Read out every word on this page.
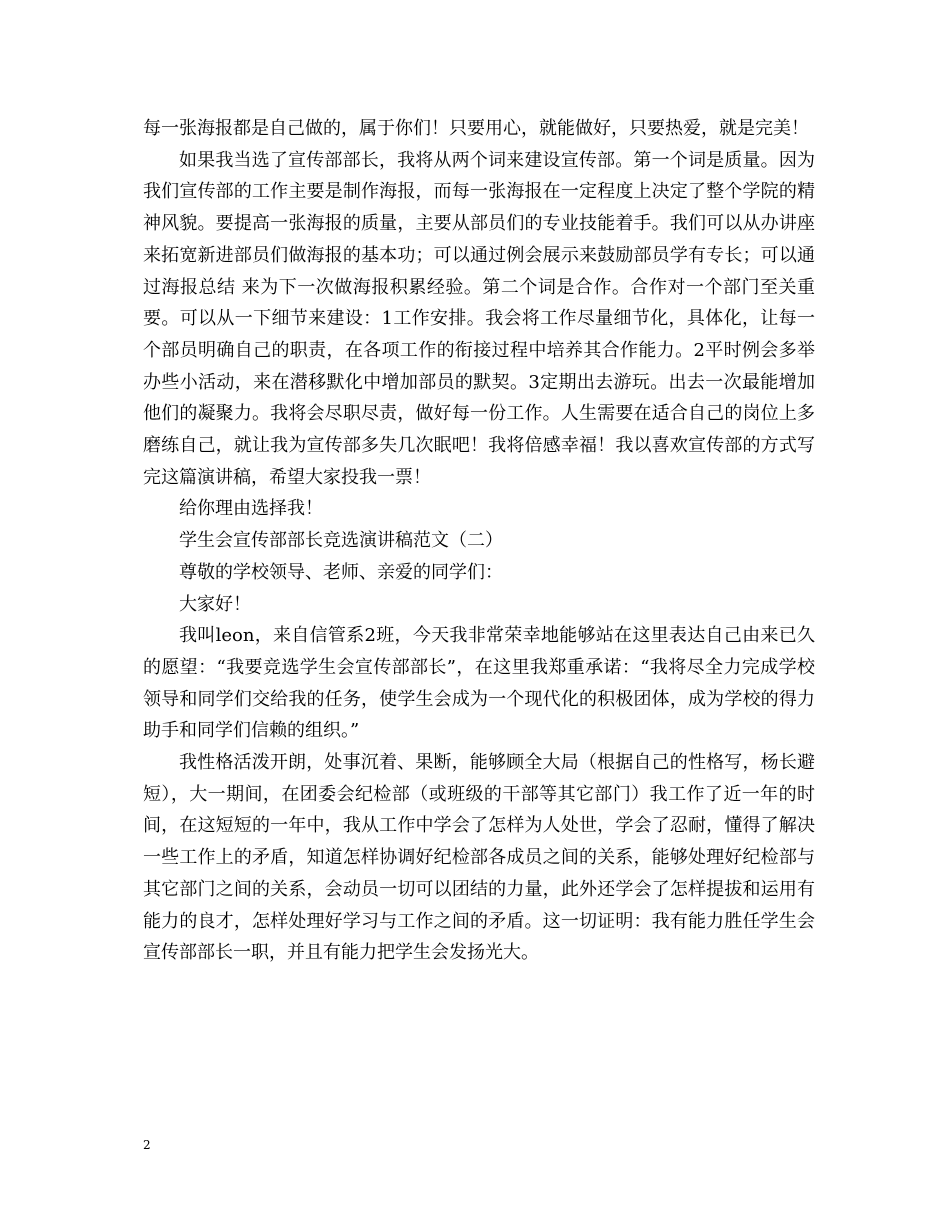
每一张海报都是自己做的，属于你们！只要用心，就能做好，只要热爱，就是完美！

如果我当选了宣传部部长，我将从两个词来建设宣传部。第一个词是质量。因为我们宣传部的工作主要是制作海报，而每一张海报在一定程度上决定了整个学院的精神风貌。要提高一张海报的质量，主要从部员们的专业技能着手。我们可以从办讲座来拓宽新进部员们做海报的基本功；可以通过例会展示来鼓励部员学有专长；可以通过海报总结 来为下一次做海报积累经验。第二个词是合作。合作对一个部门至关重要。可以从一下细节来建设：1工作安排。我会将工作尽量细节化，具体化，让每一个部员明确自己的职责，在各项工作的衔接过程中培养其合作能力。2平时例会多举办些小活动，来在潜移默化中增加部员的默契。3定期出去游玩。出去一次最能增加他们的凝聚力。我将会尽职尽责，做好每一份工作。人生需要在适合自己的岗位上多磨练自己，就让我为宣传部多失几次眠吧！我将倍感幸福！我以喜欢宣传部的方式写完这篇演讲稿，希望大家投我一票！

给你理由选择我！

学生会宣传部部长竞选演讲稿范文（二）

尊敬的学校领导、老师、亲爱的同学们：

大家好！

我叫leon，来自信管系2班，今天我非常荣幸地能够站在这里表达自己由来已久的愿望：“我要竞选学生会宣传部部长”，在这里我郑重承诺：“我将尽全力完成学校领导和同学们交给我的任务，使学生会成为一个现代化的积极团体，成为学校的得力助手和同学们信赖的组织。”

我性格活泼开朗，处事沉着、果断，能够顾全大局（根据自己的性格写，杨长避短），大一期间，在团委会纪检部（或班级的干部等其它部门）我工作了近一年的时间，在这短短的一年中，我从工作中学会了怎样为人处世，学会了忍耐，懂得了解决一些工作上的矛盾，知道怎样协调好纪检部各成员之间的关系，能够处理好纪检部与其它部门之间的关系，会动员一切可以团结的力量，此外还学会了怎样提拔和运用有能力的良才，怎样处理好学习与工作之间的矛盾。这一切证明：我有能力胜任学生会宣传部部长一职，并且有能力把学生会发扬光大。

2
